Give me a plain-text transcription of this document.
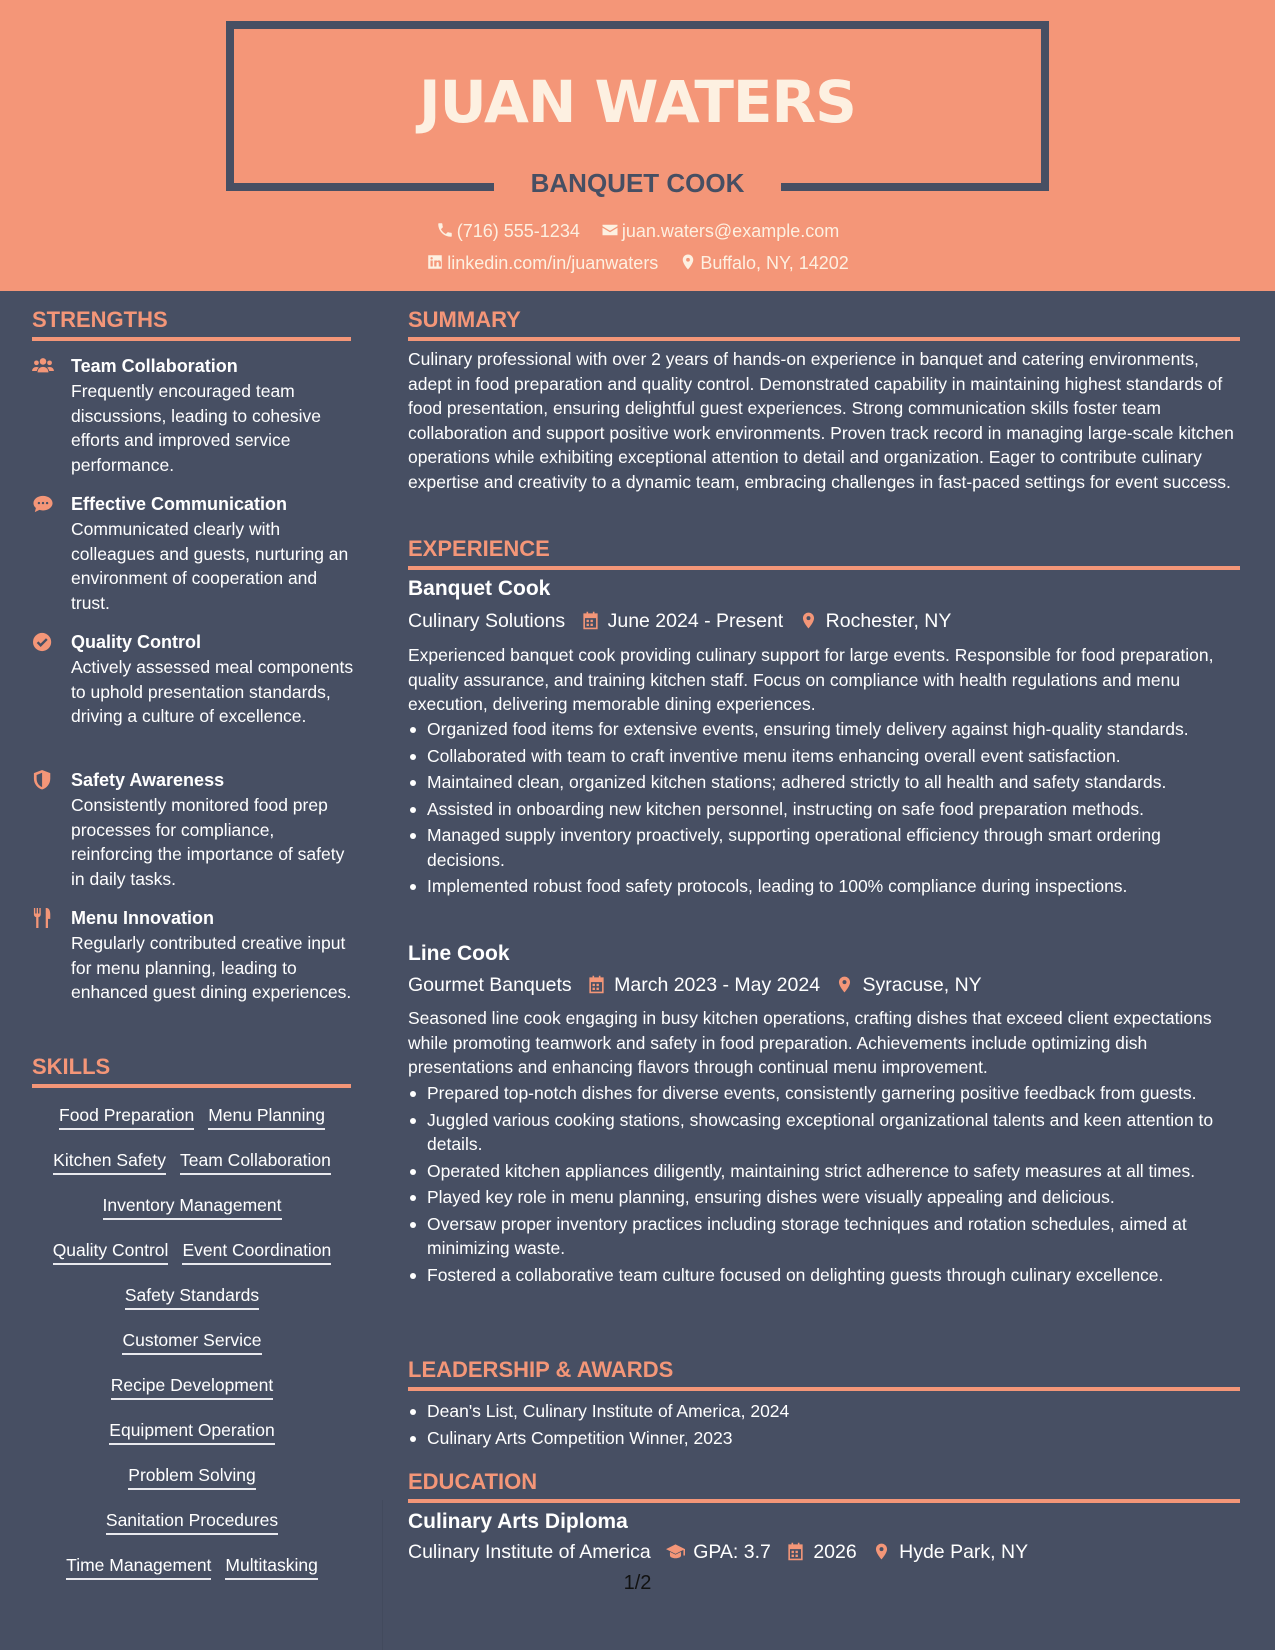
JUAN WATERS
BANQUET COOK
(716) 555-1234 juan.waters@example.com
linkedin.com/in/juanwaters Buffalo, NY, 14202
STRENGTHS
Team Collaboration
Frequently encouraged team discussions, leading to cohesive efforts and improved service performance.
Effective Communication
Communicated clearly with colleagues and guests, nurturing an environment of cooperation and trust.
Quality Control
Actively assessed meal components to uphold presentation standards, driving a culture of excellence.
Safety Awareness
Consistently monitored food prep processes for compliance, reinforcing the importance of safety in daily tasks.
Menu Innovation
Regularly contributed creative input for menu planning, leading to enhanced guest dining experiences.
SKILLS
Food Preparation Menu Planning
Kitchen Safety Team Collaboration
Inventory Management
Quality Control Event Coordination
Safety Standards
Customer Service
Recipe Development
Equipment Operation
Problem Solving
Sanitation Procedures
Time Management Multitasking
SUMMARY
Culinary professional with over 2 years of hands-on experience in banquet and catering environments, adept in food preparation and quality control. Demonstrated capability in maintaining highest standards of food presentation, ensuring delightful guest experiences. Strong communication skills foster team collaboration and support positive work environments. Proven track record in managing large-scale kitchen operations while exhibiting exceptional attention to detail and organization. Eager to contribute culinary expertise and creativity to a dynamic team, embracing challenges in fast-paced settings for event success.
EXPERIENCE
Banquet Cook
Culinary Solutions June 2024 - Present Rochester, NY
Experienced banquet cook providing culinary support for large events. Responsible for food preparation, quality assurance, and training kitchen staff. Focus on compliance with health regulations and menu execution, delivering memorable dining experiences.
Organized food items for extensive events, ensuring timely delivery against high-quality standards.
Collaborated with team to craft inventive menu items enhancing overall event satisfaction.
Maintained clean, organized kitchen stations; adhered strictly to all health and safety standards.
Assisted in onboarding new kitchen personnel, instructing on safe food preparation methods.
Managed supply inventory proactively, supporting operational efficiency through smart ordering decisions.
Implemented robust food safety protocols, leading to 100% compliance during inspections.
Line Cook
Gourmet Banquets March 2023 - May 2024 Syracuse, NY
Seasoned line cook engaging in busy kitchen operations, crafting dishes that exceed client expectations while promoting teamwork and safety in food preparation. Achievements include optimizing dish presentations and enhancing flavors through continual menu improvement.
Prepared top-notch dishes for diverse events, consistently garnering positive feedback from guests.
Juggled various cooking stations, showcasing exceptional organizational talents and keen attention to details.
Operated kitchen appliances diligently, maintaining strict adherence to safety measures at all times.
Played key role in menu planning, ensuring dishes were visually appealing and delicious.
Oversaw proper inventory practices including storage techniques and rotation schedules, aimed at minimizing waste.
Fostered a collaborative team culture focused on delighting guests through culinary excellence.
LEADERSHIP & AWARDS
Dean's List, Culinary Institute of America, 2024
Culinary Arts Competition Winner, 2023
EDUCATION
Culinary Arts Diploma
Culinary Institute of America GPA: 3.7 2026 Hyde Park, NY
1/2
